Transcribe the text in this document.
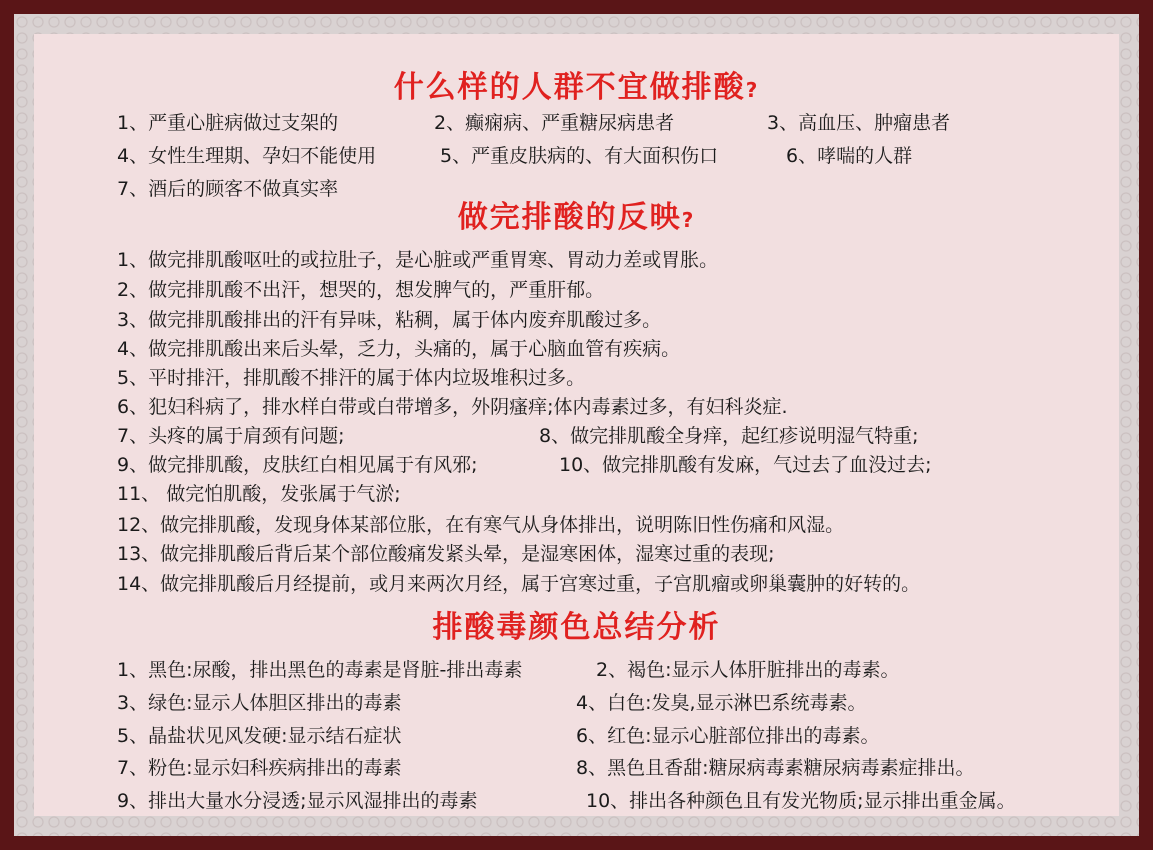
什么样的人群不宜做排酸?

1、严重心脏病做过支架的	2、癫痫病、严重糖尿病患者	3、高血压、肿瘤患者

4、女性生理期、孕妇不能使用	5、严重皮肤病的、有大面积伤口	6、哮喘的人群

7、酒后的顾客不做真实率

做完排酸的反映?

1、做完排肌酸呕吐的或拉肚子，是心脏或严重胃寒、胃动力差或胃胀。

2、做完排肌酸不出汗，想哭的，想发脾气的，严重肝郁。

3、做完排肌酸排出的汗有异味，粘稠，属于体内废弃肌酸过多。

4、做完排肌酸出来后头晕，乏力，头痛的，属于心脑血管有疾病。

5、平时排汗，排肌酸不排汗的属于体内垃圾堆积过多。

6、犯妇科病了，排水样白带或白带增多，外阴瘙痒;体内毒素过多，有妇科炎症.

7、头疼的属于肩颈有问题;	8、做完排肌酸全身痒，起红疹说明湿气特重;

9、做完排肌酸，皮肤红白相见属于有风邪;	10、做完排肌酸有发麻，气过去了血没过去;

11、 做完怕肌酸，发张属于气淤;

12、做完排肌酸，发现身体某部位胀，在有寒气从身体排出，说明陈旧性伤痛和风湿。

13、做完排肌酸后背后某个部位酸痛发紧头晕，是湿寒困体，湿寒过重的表现;

14、做完排肌酸后月经提前，或月来两次月经，属于宫寒过重，子宫肌瘤或卵巢囊肿的好转的。

排酸毒颜色总结分析

1、黑色:尿酸，排出黑色的毒素是肾脏-排出毒素	2、褐色:显示人体肝脏排出的毒素。

3、绿色:显示人体胆区排出的毒素	4、白色:发臭,显示淋巴系统毒素。

5、晶盐状见风发硬:显示结石症状	6、红色:显示心脏部位排出的毒素。

7、粉色:显示妇科疾病排出的毒素	8、黑色且香甜:糖尿病毒素糖尿病毒素症排出。

9、排出大量水分浸透;显示风湿排出的毒素	10、排出各种颜色且有发光物质;显示排出重金属。
